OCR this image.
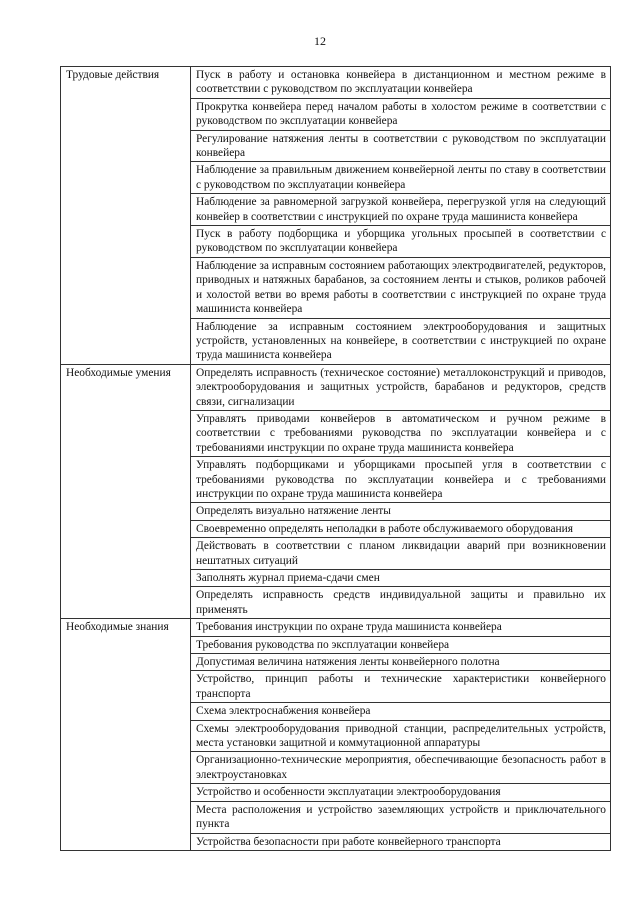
12
Трудовые действия	Пуск в работу и остановка конвейера в дистанционном и местном режиме в соответствии с руководством по эксплуатации конвейера
	Прокрутка конвейера перед началом работы в холостом режиме в соответствии с руководством по эксплуатации конвейера
	Регулирование натяжения ленты в соответствии с руководством по эксплуатации конвейера
	Наблюдение за правильным движением конвейерной ленты по ставу в соответствии с руководством по эксплуатации конвейера
	Наблюдение за равномерной загрузкой конвейера, перегрузкой угля на следующий конвейер в соответствии с инструкцией по охране труда машиниста конвейера
	Пуск в работу подборщика и уборщика угольных просыпей в соответствии с руководством по эксплуатации конвейера
	Наблюдение за исправным состоянием работающих электродвигателей, редукторов, приводных и натяжных барабанов, за состоянием ленты и стыков, роликов рабочей и холостой ветви во время работы в соответствии с инструкцией по охране труда машиниста конвейера
	Наблюдение за исправным состоянием электрооборудования и защитных устройств, установленных на конвейере, в соответствии с инструкцией по охране труда машиниста конвейера
Необходимые умения	Определять исправность (техническое состояние) металлоконструкций и приводов, электрооборудования и защитных устройств, барабанов и редукторов, средств связи, сигнализации
	Управлять приводами конвейеров в автоматическом и ручном режиме в соответствии с требованиями руководства по эксплуатации конвейера и с требованиями инструкции по охране труда машиниста конвейера
	Управлять подборщиками и уборщиками просыпей угля в соответствии с требованиями руководства по эксплуатации конвейера и с требованиями инструкции по охране труда машиниста конвейера
	Определять визуально натяжение ленты
	Своевременно определять неполадки в работе обслуживаемого оборудования
	Действовать в соответствии с планом ликвидации аварий при возникновении нештатных ситуаций
	Заполнять журнал приема-сдачи смен
	Определять исправность средств индивидуальной защиты и правильно их применять
Необходимые знания	Требования инструкции по охране труда машиниста конвейера
	Требования руководства по эксплуатации конвейера
	Допустимая величина натяжения ленты конвейерного полотна
	Устройство, принцип работы и технические характеристики конвейерного транспорта
	Схема электроснабжения конвейера
	Схемы электрооборудования приводной станции, распределительных устройств, места установки защитной и коммутационной аппаратуры
	Организационно-технические мероприятия, обеспечивающие безопасность работ в электроустановках
	Устройство и особенности эксплуатации электрооборудования
	Места расположения и устройство заземляющих устройств и приключательного пункта
	Устройства безопасности при работе конвейерного транспорта
